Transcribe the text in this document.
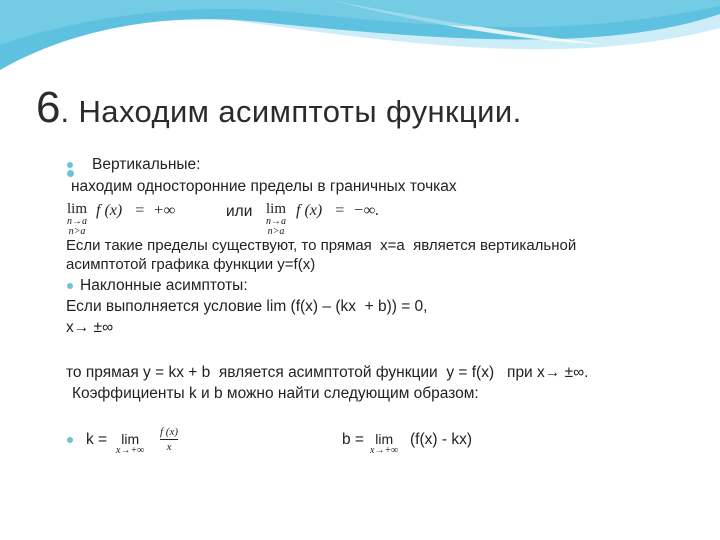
6. Находим асимптоты функции.
Вертикальные:
находим односторонние пределы в граничных точках
lim
n→a
n>a
f (x)   =  +∞	или lim
n→a
n>a
f (x)   =  −∞.
Если такие пределы существуют, то прямая  x=a  является вертикальной
асимптотой графика функции y=f(x)
Наклонные асимптоты:
Если выполняется условие lim (f(x) – (kx  + b)) = 0,
x→ ±∞
то прямая y = kx + b  является асимптотой функции  y = f(x)   при x→ ±∞.
Коэффициенты k и b можно найти следующим образом:
k =	lim
x→+∞
f (x)
x	b = lim
x→+∞
(f(x) - kx)
